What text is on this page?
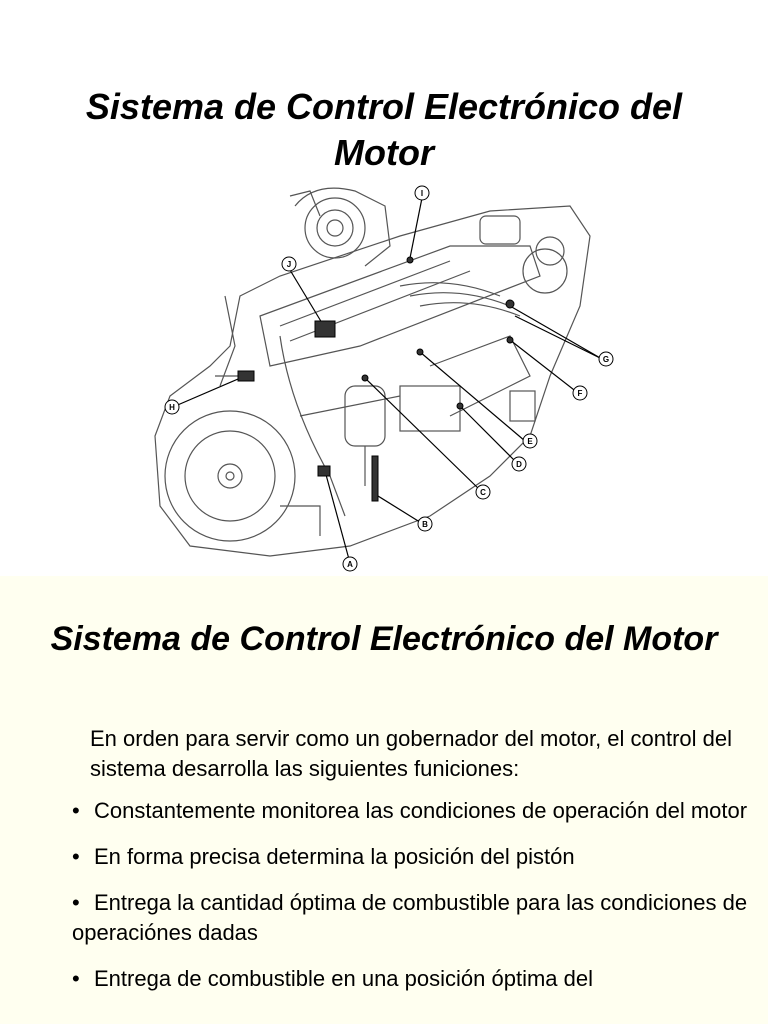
Sistema de Control Electrónico del Motor
I
J
G
F
H
E
D
C
B
A
Sistema de Control Electrónico del Motor

En orden para servir como un gobernador del motor, el control del sistema desarrolla las siguientes funiciones:

• Constantemente monitorea las condiciones de operación del motor
• En forma precisa determina la posición del pistón
• Entrega la cantidad óptima de combustible para las condiciones de operaciónes dadas
• Entrega de combustible en una posición óptima del
